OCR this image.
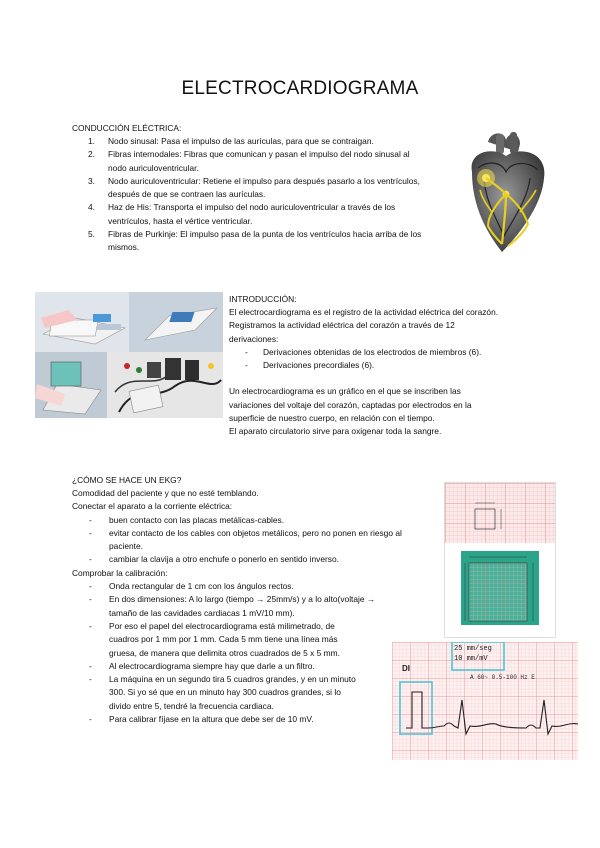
ELECTROCARDIOGRAMA
CONDUCCIÓN ELÉCTRICA:
1. Nodo sinusal: Pasa el impulso de las aurículas, para que se contraigan.
2. Fibras internodales: Fibras que comunican y pasan el impulso del nodo sinusal al
nodo auriculoventricular.
3. Nodo auriculoventricular: Retiene el impulso para después pasarlo a los ventrículos,
después de que se contraen las aurículas.
4. Haz de His: Transporta el impulso del nodo auriculoventricular a través de los
ventrículos, hasta el vértice ventricular.
5. Fibras de Purkinje: El impulso pasa de la punta de los ventrículos hacia arriba de los
mismos.
INTRODUCCIÓN:
El electrocardiograma es el registro de la actividad eléctrica del corazón.
Registramos la actividad eléctrica del corazón a través de 12
derivaciones:
- Derivaciones obtenidas de los electrodos de miembros (6).
- Derivaciones precordiales (6).
Un electrocardiograma es un gráfico en el que se inscriben las
variaciones del voltaje del corazón, captadas por electrodos en la
superficie de nuestro cuerpo, en relación con el tiempo.
El aparato circulatorio sirve para oxigenar toda la sangre.
¿CÓMO SE HACE UN EKG?
Comodidad del paciente y que no esté temblando.
Conectar el aparato a la corriente eléctrica:
- buen contacto con las placas metálicas-cables.
- evitar contacto de los cables con objetos metálicos, pero no ponen en riesgo al
paciente.
- cambiar la clavija a otro enchufe o ponerlo en sentido inverso.
Comprobar la calibración:
- Onda rectangular de 1 cm con los ángulos rectos.
- En dos dimensiones: A lo largo (tiempo → 25mm/s) y a lo alto(voltaje →
tamaño de las cavidades cardiacas 1 mV/10 mm).
- Por eso el papel del electrocardiograma está milimetrado, de
cuadros por 1 mm por 1 mm. Cada 5 mm tiene una línea más
gruesa, de manera que delimita otros cuadrados de 5 x 5 mm.
- Al electrocardiograma siempre hay que darle a un filtro.
- La máquina en un segundo tira 5 cuadros grandes, y en un minuto
300. Si yo sé que en un minuto hay 300 cuadros grandes, si lo
divido entre 5, tendré la frecuencia cardiaca.
- Para calibrar fíjase en la altura que debe ser de 10 mV.
25 mm/seg
10 mm/mV
DI
A 60~ 0.5-100 Hz E
